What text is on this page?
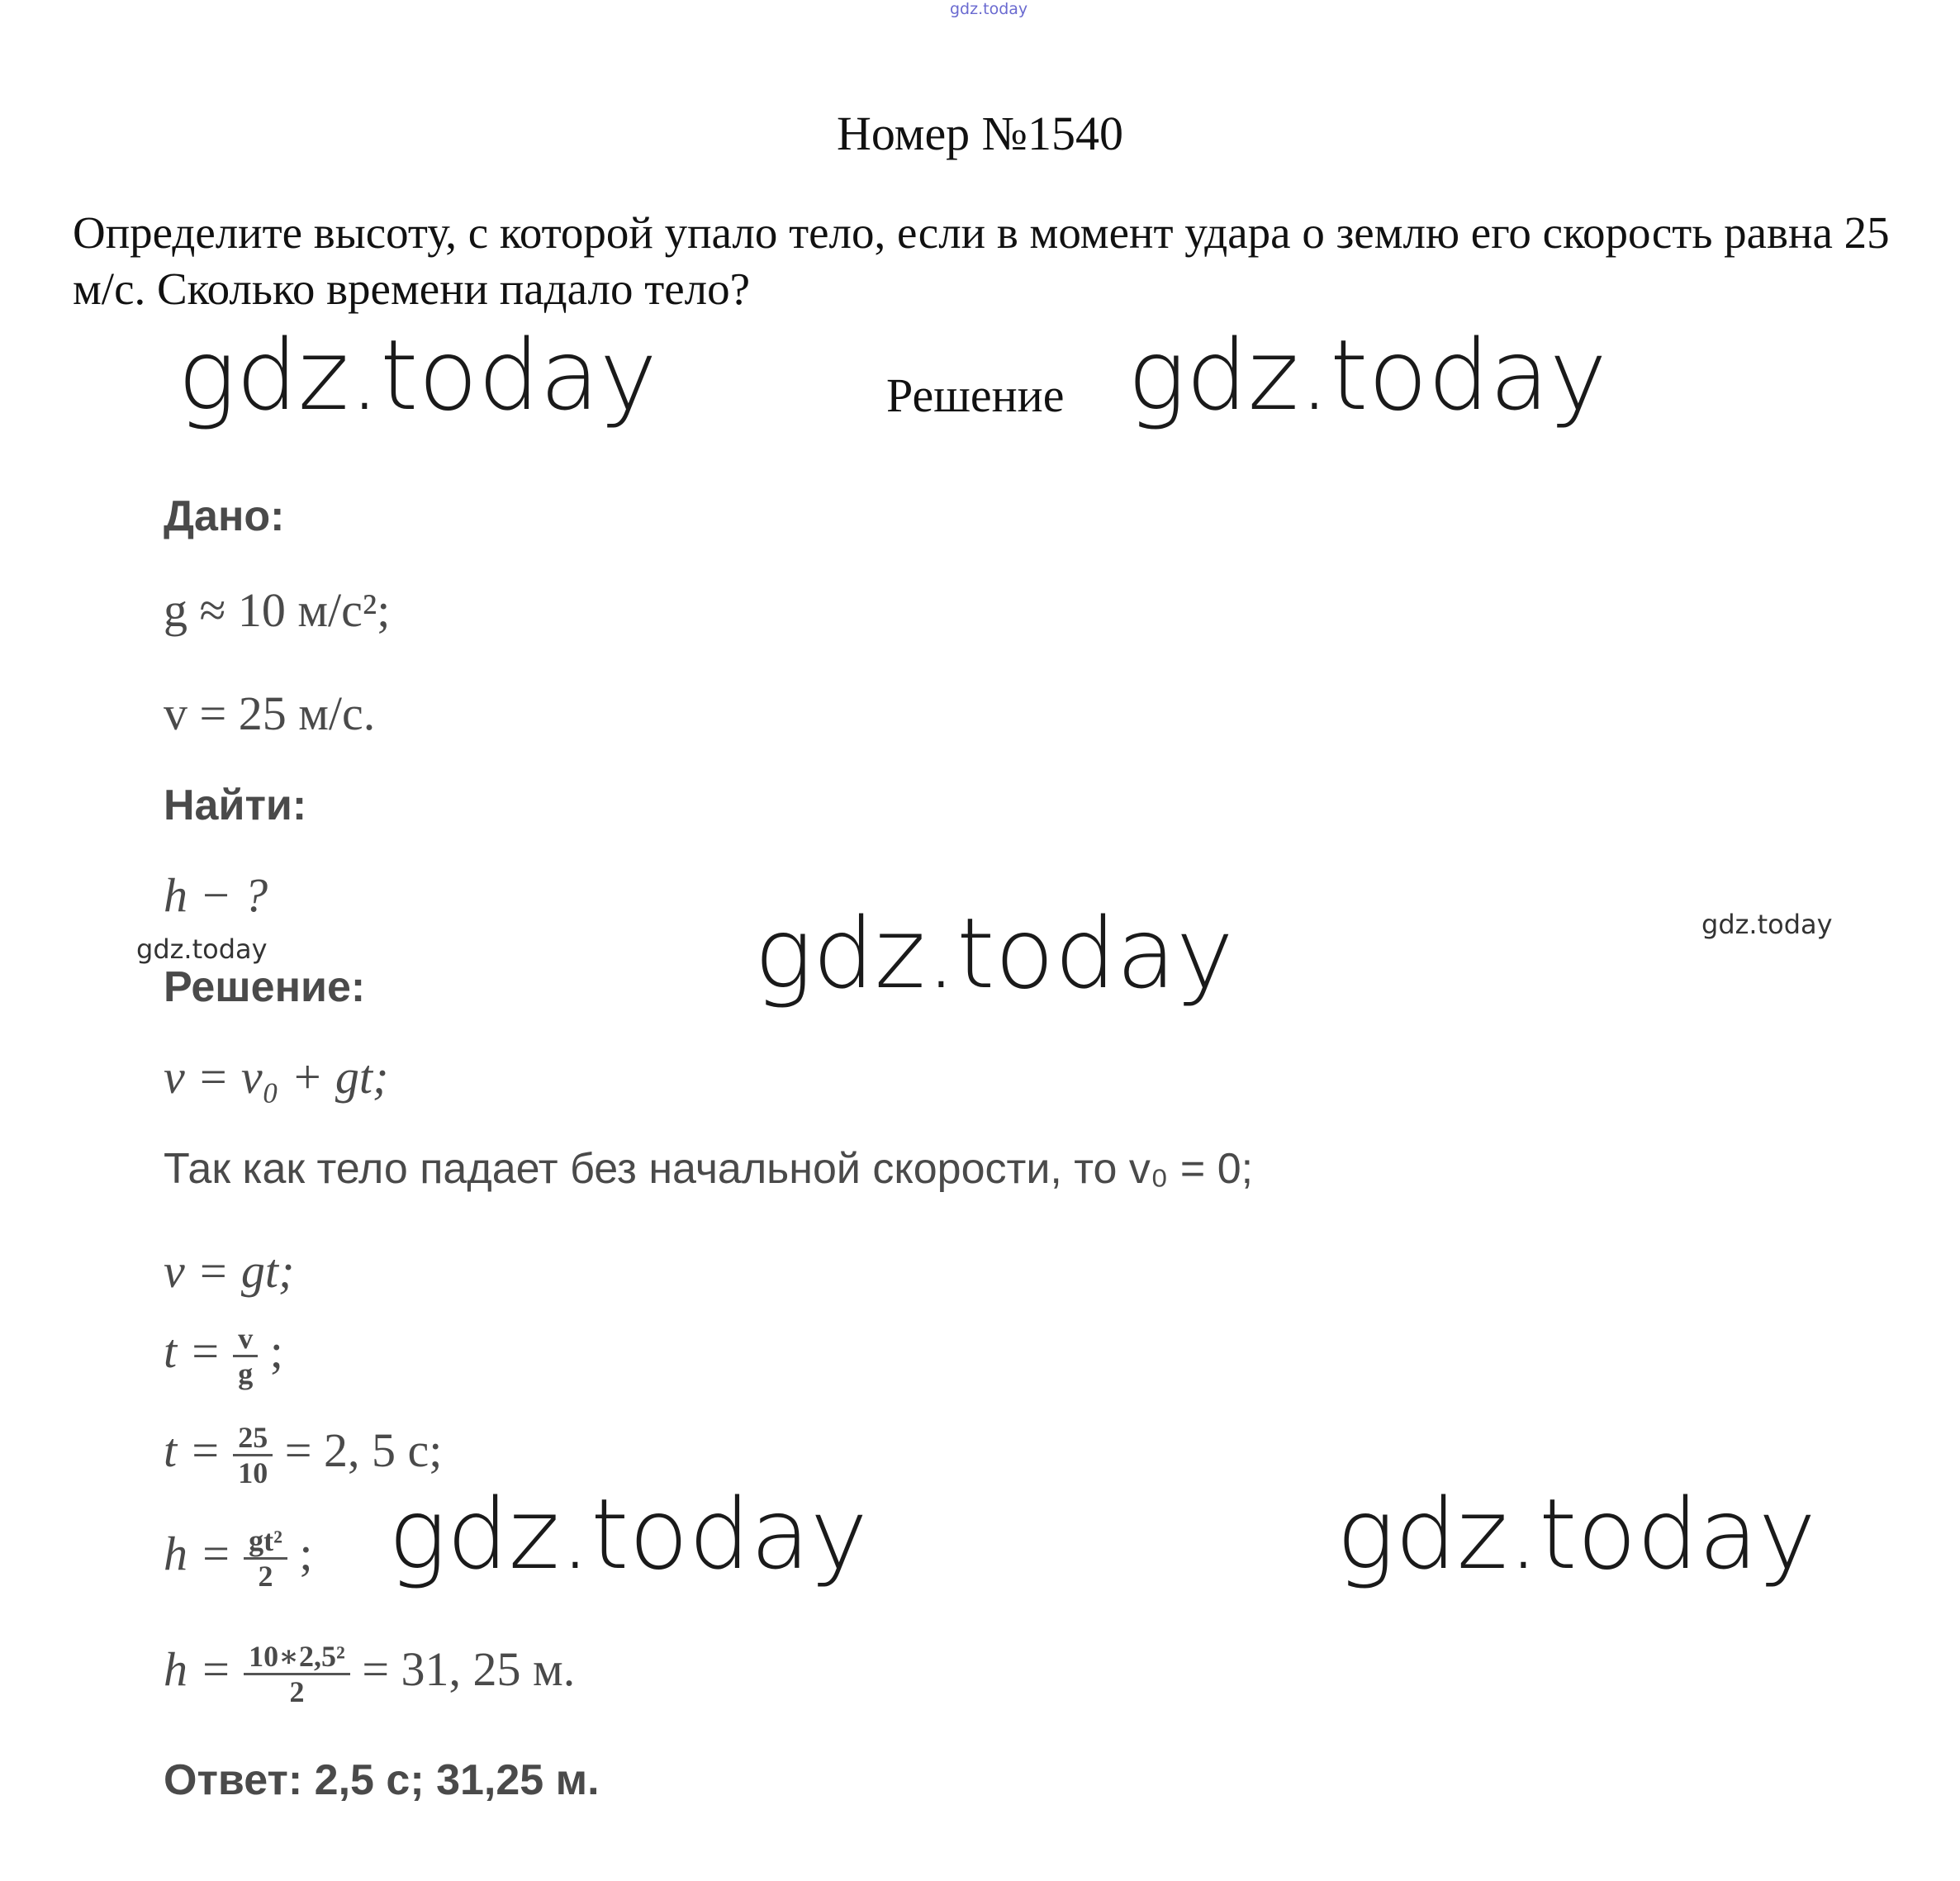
gdz.today
gdz.today	gdz.today
gdz.today
gdz.today
gdz.today
gdz.today	gdz.today
Номер №1540
Определите высоту, с которой упало тело, если в момент удара о землю его скорость равна 25 м/с. Сколько времени падало тело?
Решение
Дано:
g ≈ 10 м/с²;
v = 25 м/с.
Найти:
h − ?
Решение:
v = v₀ + gt;
Так как тело падает без начальной скорости, то v₀ = 0;
v = gt;
$t = \frac{v}{g}$ ;
$t = \frac{25}{10} = 2$, 5 с;
$h = \frac{\text{gt²}}{2}$ ;
$h = \frac{\text{10∗2,5²}}{2} = 31$, 25 м.
Ответ: 2,5 с; 31,25 м.
